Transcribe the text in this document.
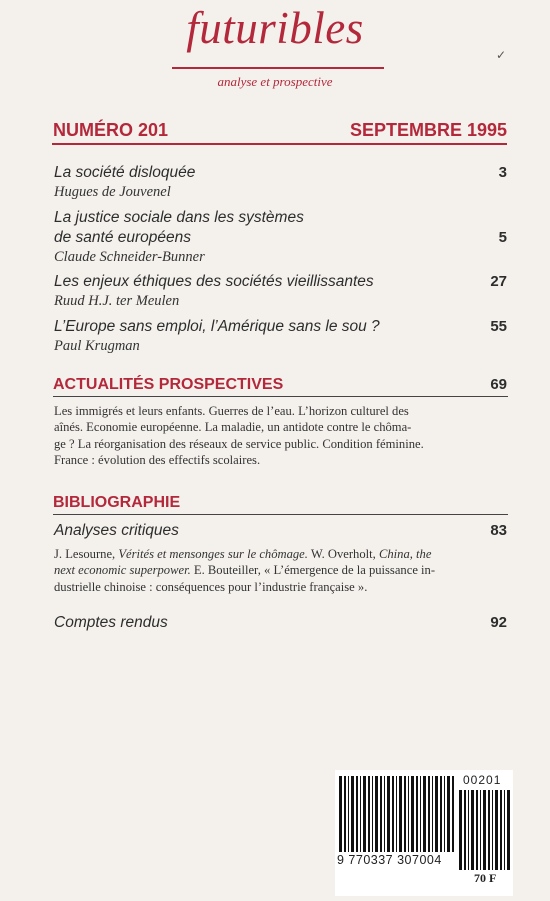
futuribles
analyse et prospective
✓
NUMÉRO 201	SEPTEMBRE 1995
La société disloquée	3
Hugues de Jouvenel
La justice sociale dans les systèmes
de santé européens	5
Claude Schneider-Bunner
Les enjeux éthiques des sociétés vieillissantes	27
Ruud H.J. ter Meulen
L’Europe sans emploi, l’Amérique sans le sou ?	55
Paul Krugman
ACTUALITÉS PROSPECTIVES	69
Les immigrés et leurs enfants. Guerres de l’eau. L’horizon culturel des
aînés. Economie européenne. La maladie, un antidote contre le chôma-
ge ? La réorganisation des réseaux de service public. Condition féminine.
France : évolution des effectifs scolaires.
BIBLIOGRAPHIE
Analyses critiques	83
J. Lesourne, Vérités et mensonges sur le chômage. W. Overholt, China, the
next economic superpower. E. Bouteiller, « L’émergence de la puissance in-
dustrielle chinoise : conséquences pour l’industrie française ».
Comptes rendus	92
00201
9 770337 307004
70 F
